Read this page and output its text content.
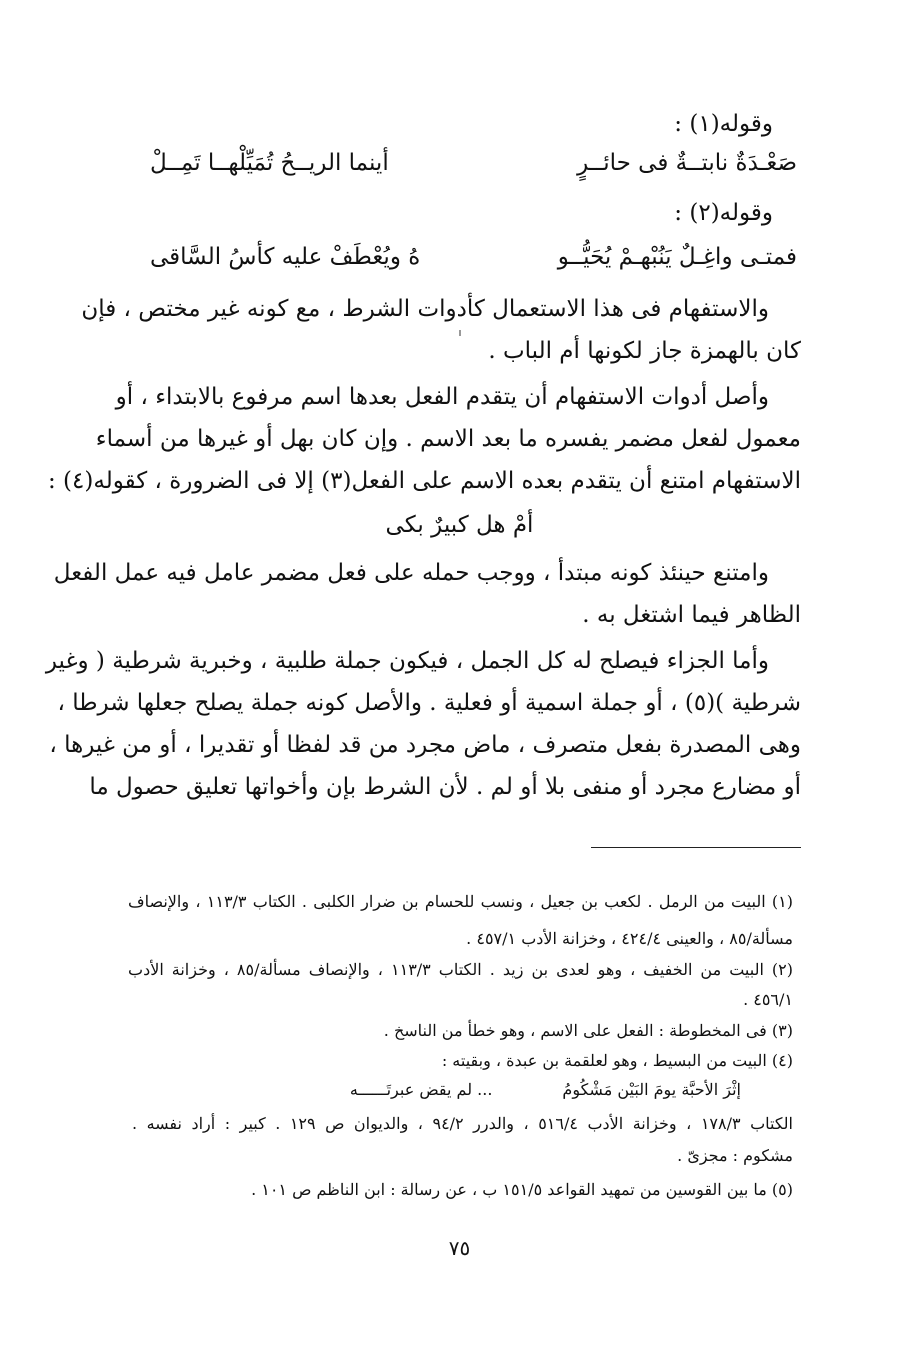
وقوله(١) :
صَعْـدَةٌ نابتــةٌ فى حائــرٍ
أينما الريــحُ تُمَيِّلْهــا تَمِــلْ
وقوله(٢) :
فمتـى واغِـلٌ يَنُبْهـمْ يُحَيُّــو
هُ ويُعْطَفْ عليه كأسُ السَّاقى
والاستفهام فى هذا الاستعمال كأدوات الشرط ، مع كونه غير مختص ، فإن
كان بالهمزة جاز لكونها أم الباب .
وأصل أدوات الاستفهام أن يتقدم الفعل بعدها اسم مرفوع بالابتداء ، أو
معمول لفعل مضمر يفسره ما بعد الاسم . وإن كان بهل أو غيرها من أسماء
الاستفهام امتنع أن يتقدم بعده الاسم على الفعل(٣) إلا فى الضرورة ، كقوله(٤) :
أمْ هل كبيرٌ بكى
وامتنع حينئذ كونه مبتدأ ، ووجب حمله على فعل مضمر عامل فيه عمل الفعل
الظاهر فيما اشتغل به .
وأما الجزاء فيصلح له كل الجمل ، فيكون جملة طلبية ، وخبرية شرطية ( وغير
شرطية )(٥) ، أو جملة اسمية أو فعلية . والأصل كونه جملة يصلح جعلها شرطا ،
وهى المصدرة بفعل متصرف ، ماض مجرد من قد لفظا أو تقديرا ، أو من غيرها ،
أو مضارع مجرد أو منفى بلا أو لم . لأن الشرط بإن وأخواتها تعليق حصول ما
(١) البيت من الرمل . لكعب بن جعيل ، ونسب للحسام بن ضرار الكلبى . الكتاب ١١٣/٣ ، والإنصاف
مسألة/٨٥ ، والعينى ٤٢٤/٤ ، وخزانة الأدب ٤٥٧/١ .
(٢) البيت من الخفيف ، وهو لعدى بن زيد . الكتاب ١١٣/٣ ، والإنصاف مسألة/٨٥ ، وخزانة الأدب
٤٥٦/١ .
(٣) فى المخطوطة : الفعل على الاسم ، وهو خطأ من الناسخ .
(٤) البيت من البسيط ، وهو لعلقمة بن عبدة ، وبقيته :
إثْرَ الأحبَّة يومَ البَيْن مَشْكُومُ
... لم يقض عبرتَــــــه
الكتاب ١٧٨/٣ ، وخزانة الأدب ٥١٦/٤ ، والدرر ٩٤/٢ ، والديوان ص ١٢٩ . كبير : أراد نفسه .
مشكوم : مجزىّ .
(٥) ما بين القوسين من تمهيد القواعد ١٥١/٥ ب ، عن رسالة : ابن الناظم ص ١٠١ .
٧٥
